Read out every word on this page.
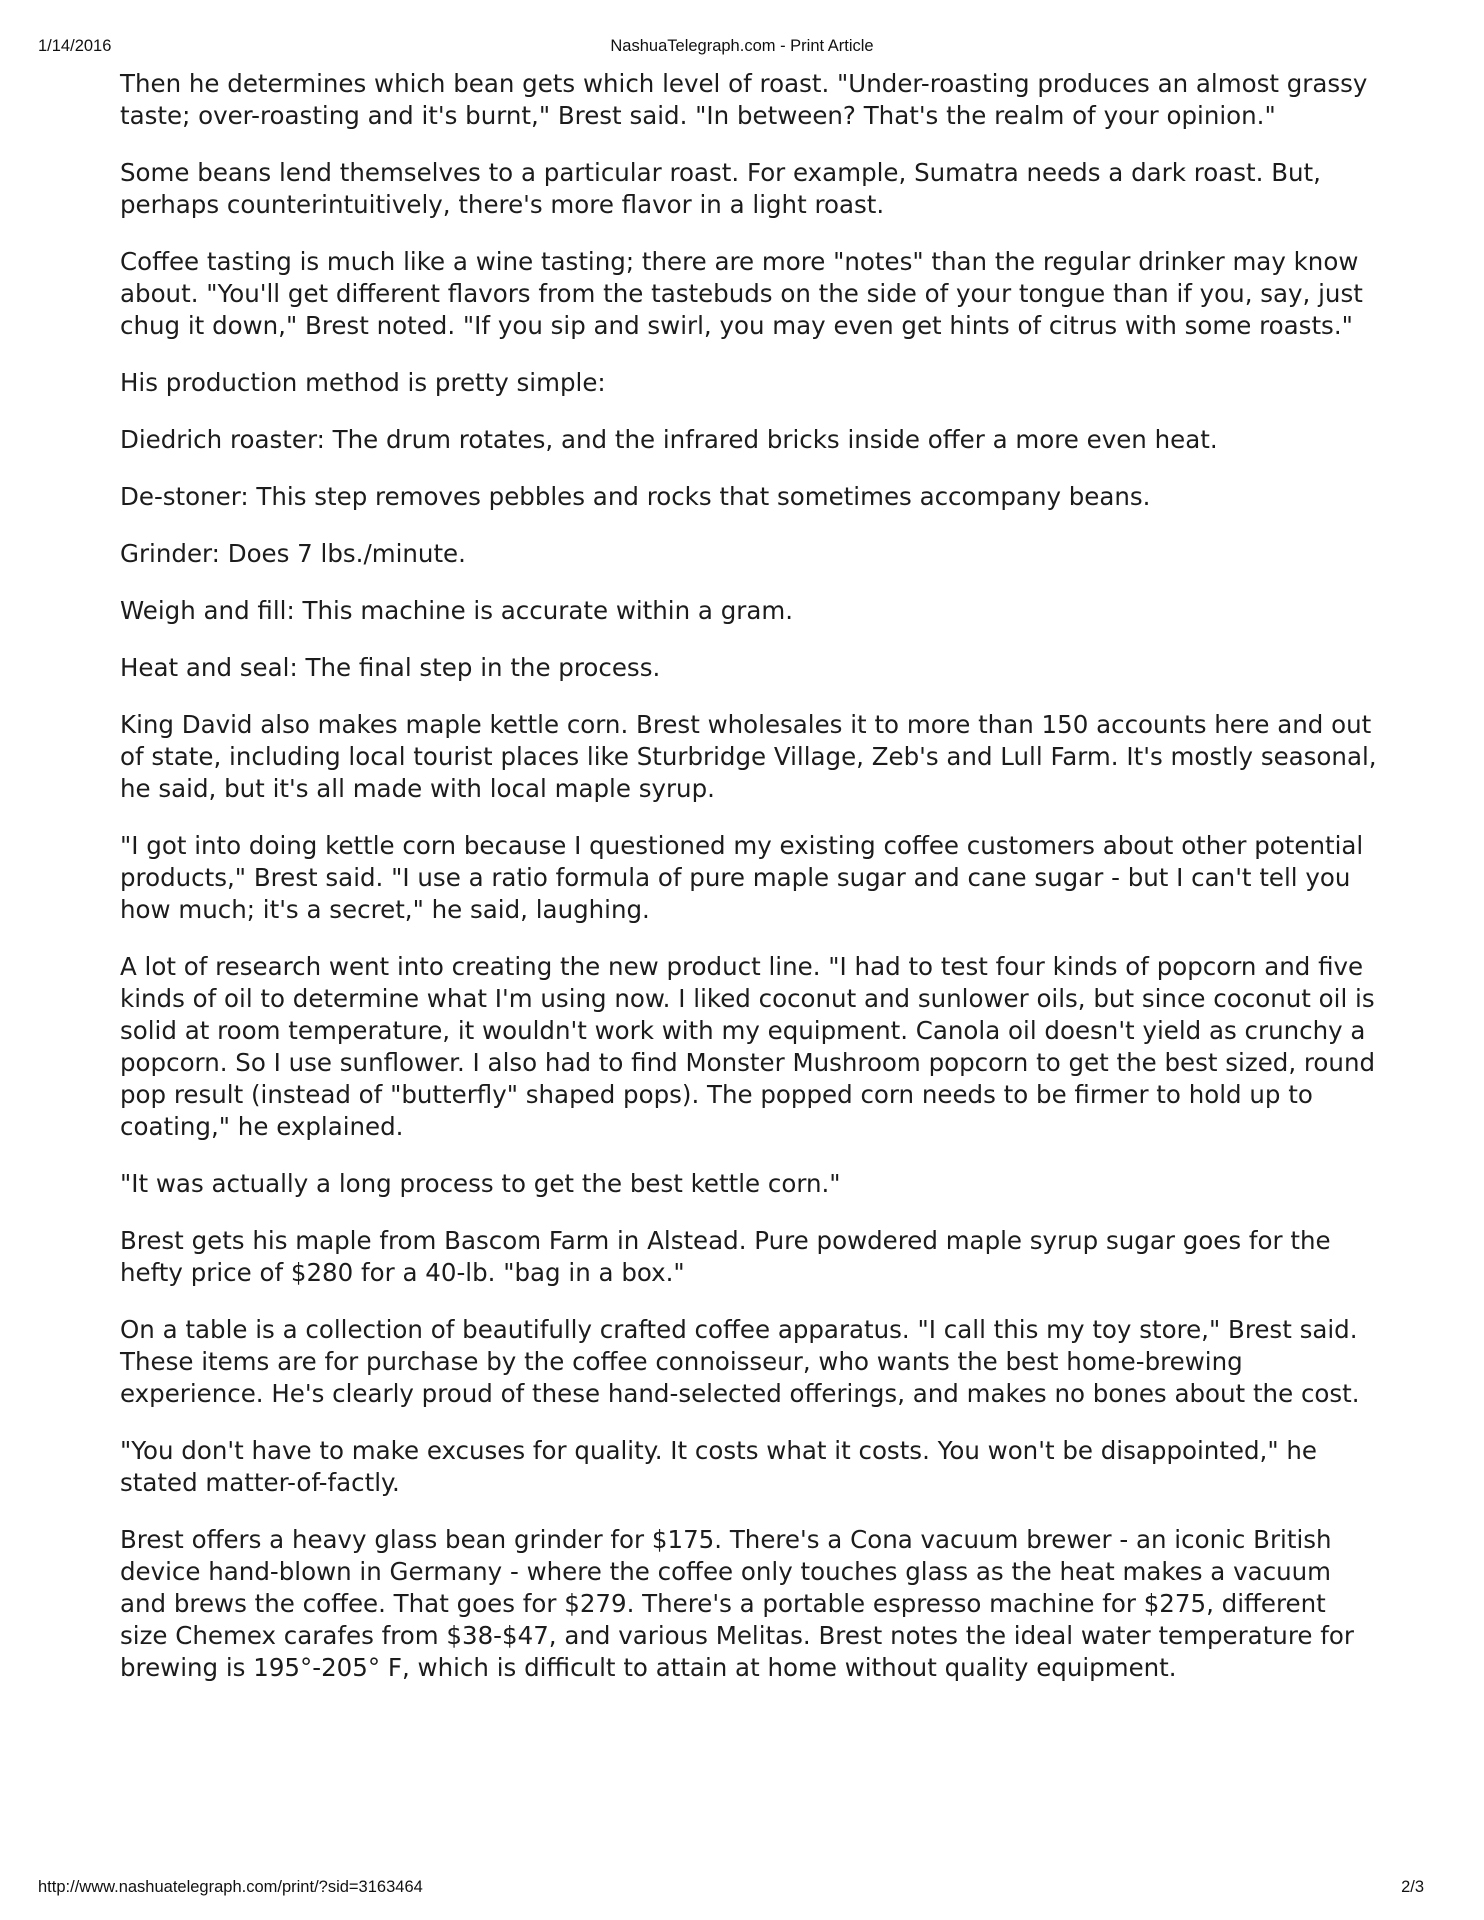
1/14/2016	NashuaTelegraph.com - Print Article

Then he determines which bean gets which level of roast. "Under-roasting produces an almost grassy taste; over-roasting and it's burnt," Brest said. "In between? That's the realm of your opinion."

Some beans lend themselves to a particular roast. For example, Sumatra needs a dark roast. But, perhaps counterintuitively, there's more flavor in a light roast.

Coffee tasting is much like a wine tasting; there are more "notes" than the regular drinker may know about. "You'll get different flavors from the tastebuds on the side of your tongue than if you, say, just chug it down," Brest noted. "If you sip and swirl, you may even get hints of citrus with some roasts."

His production method is pretty simple:

Diedrich roaster: The drum rotates, and the infrared bricks inside offer a more even heat.

De-stoner: This step removes pebbles and rocks that sometimes accompany beans.

Grinder: Does 7 lbs./minute.

Weigh and fill: This machine is accurate within a gram.

Heat and seal: The final step in the process.

King David also makes maple kettle corn. Brest wholesales it to more than 150 accounts here and out of state, including local tourist places like Sturbridge Village, Zeb's and Lull Farm. It's mostly seasonal, he said, but it's all made with local maple syrup.

"I got into doing kettle corn because I questioned my existing coffee customers about other potential products," Brest said. "I use a ratio formula of pure maple sugar and cane sugar - but I can't tell you how much; it's a secret," he said, laughing.

A lot of research went into creating the new product line. "I had to test four kinds of popcorn and five kinds of oil to determine what I'm using now. I liked coconut and sunlower oils, but since coconut oil is solid at room temperature, it wouldn't work with my equipment. Canola oil doesn't yield as crunchy a popcorn. So I use sunflower. I also had to find Monster Mushroom popcorn to get the best sized, round pop result (instead of "butterfly" shaped pops). The popped corn needs to be firmer to hold up to coating," he explained.

"It was actually a long process to get the best kettle corn."

Brest gets his maple from Bascom Farm in Alstead. Pure powdered maple syrup sugar goes for the hefty price of $280 for a 40-lb. "bag in a box."

On a table is a collection of beautifully crafted coffee apparatus. "I call this my toy store," Brest said. These items are for purchase by the coffee connoisseur, who wants the best home-brewing experience. He's clearly proud of these hand-selected offerings, and makes no bones about the cost.

"You don't have to make excuses for quality. It costs what it costs. You won't be disappointed," he stated matter-of-factly.

Brest offers a heavy glass bean grinder for $175. There's a Cona vacuum brewer - an iconic British device hand-blown in Germany - where the coffee only touches glass as the heat makes a vacuum and brews the coffee. That goes for $279. There's a portable espresso machine for $275, different size Chemex carafes from $38-$47, and various Melitas. Brest notes the ideal water temperature for brewing is 195°-205° F, which is difficult to attain at home without quality equipment.

http://www.nashuatelegraph.com/print/?sid=3163464	2/3
